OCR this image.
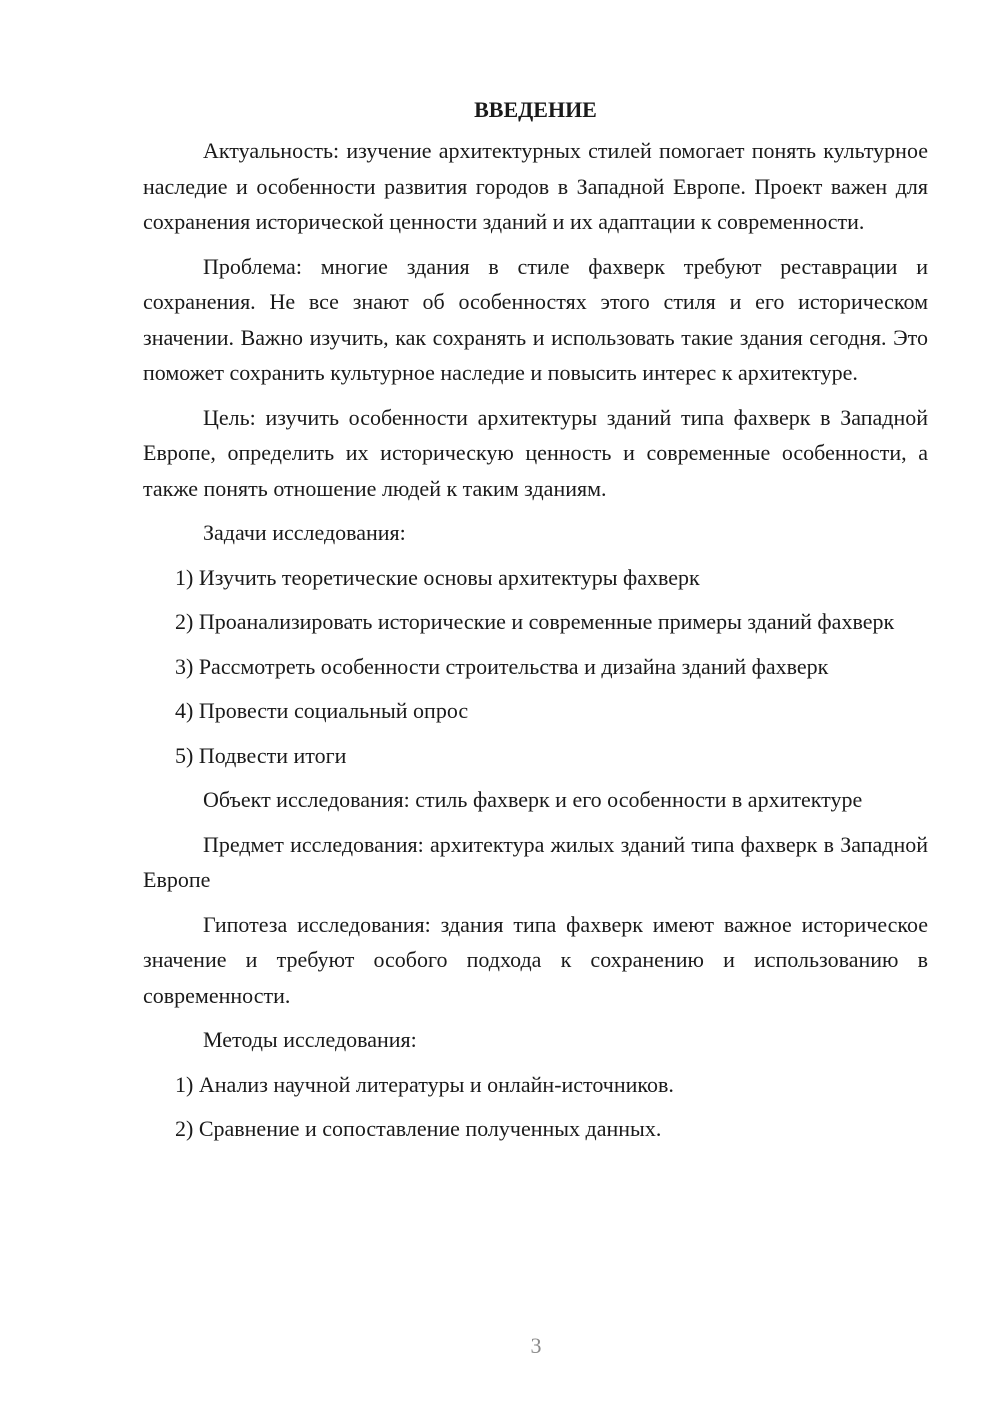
ВВЕДЕНИЕ

Актуальность: изучение архитектурных стилей помогает понять культурное наследие и особенности развития городов в Западной Европе. Проект важен для сохранения исторической ценности зданий и их адаптации к современности.

Проблема: многие здания в стиле фахверк требуют реставрации и сохранения. Не все знают об особенностях этого стиля и его историческом значении. Важно изучить, как сохранять и использовать такие здания сегодня. Это поможет сохранить культурное наследие и повысить интерес к архитектуре.

Цель: изучить особенности архитектуры зданий типа фахверк в Западной Европе, определить их историческую ценность и современные особенности, а также понять отношение людей к таким зданиям.

Задачи исследования:

1) Изучить теоретические основы архитектуры фахверк

2) Проанализировать исторические и современные примеры зданий фахверк

3) Рассмотреть особенности строительства и дизайна зданий фахверк

4) Провести социальный опрос

5) Подвести итоги

Объект исследования: стиль фахверк и его особенности в архитектуре

Предмет исследования: архитектура жилых зданий типа фахверк в Западной Европе

Гипотеза исследования: здания типа фахверк имеют важное историческое значение и требуют особого подхода к сохранению и использованию в современности.

Методы исследования:

1) Анализ научной литературы и онлайн-источников.

2) Сравнение и сопоставление полученных данных.

3
